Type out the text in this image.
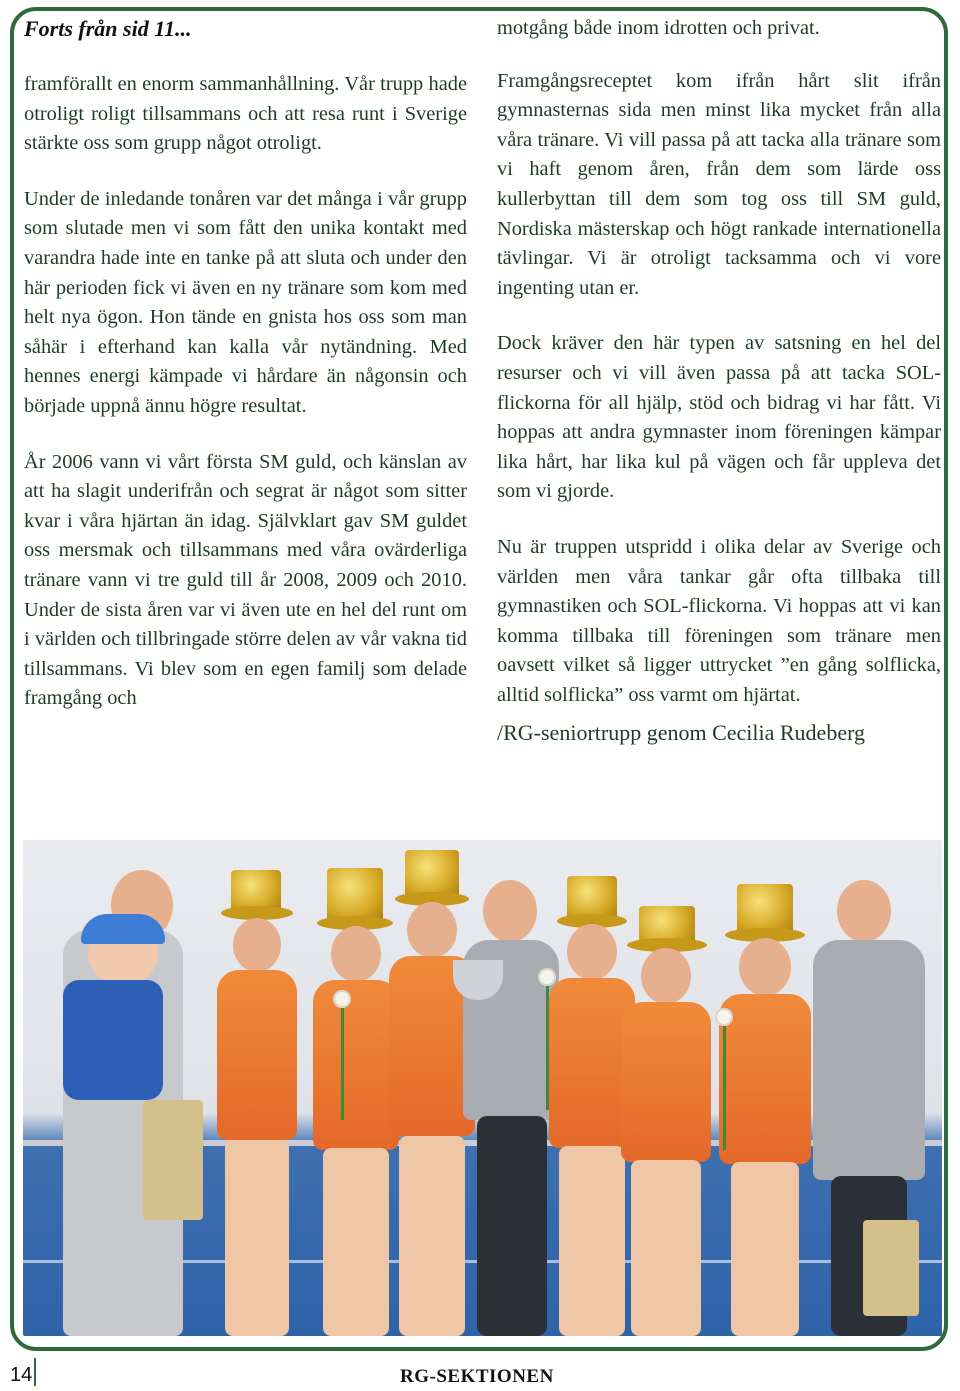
Forts från sid 11...

framförallt en enorm sammanhållning. Vår trupp hade otroligt roligt tillsammans och att resa runt i Sverige stärkte oss som grupp något otroligt.

Under de inledande tonåren var det många i vår grupp som slutade men vi som fått den unika kontakt med varandra hade inte en tanke på att sluta och under den här perioden fick vi även en ny tränare som kom med helt nya ögon. Hon tände en gnista hos oss som man såhär i efterhand kan kalla vår nytändning. Med hennes energi kämpade vi hårdare än någonsin och började uppnå ännu högre resultat.

År 2006 vann vi vårt första SM guld, och känslan av att ha slagit underifrån och segrat är något som sitter kvar i våra hjärtan än idag. Självklart gav SM guldet oss mersmak och tillsammans med våra ovärderliga tränare vann vi tre guld till år 2008, 2009 och 2010. Under de sista åren var vi även ute en hel del runt om i världen och tillbringade större delen av vår vakna tid tillsammans. Vi blev som en egen familj som delade framgång och

motgång både inom idrotten och privat.

Framgångsreceptet kom ifrån hårt slit ifrån gymnasternas sida men minst lika mycket från alla våra tränare. Vi vill passa på att tacka alla tränare som vi haft genom åren, från dem som lärde oss kullerbyttan till dem som tog oss till SM guld, Nordiska mästerskap och högt rankade internationella tävlingar. Vi är otroligt tacksamma och vi vore ingenting utan er.

Dock kräver den här typen av satsning en hel del resurser och vi vill även passa på att tacka SOL-flickorna för all hjälp, stöd och bidrag vi har fått. Vi hoppas att andra gymnaster inom föreningen kämpar lika hårt, har lika kul på vägen och får uppleva det som vi gjorde.

Nu är truppen utspridd i olika delar av Sverige och världen men våra tankar går ofta tillbaka till gymnastiken och SOL-flickorna. Vi hoppas att vi kan komma tillbaka till föreningen som tränare men oavsett vilket så ligger uttrycket ”en gång solflicka, alltid solflicka” oss varmt om hjärtat.

/RG-seniortrupp genom Cecilia Rudeberg
14	RG-SEKTIONEN
